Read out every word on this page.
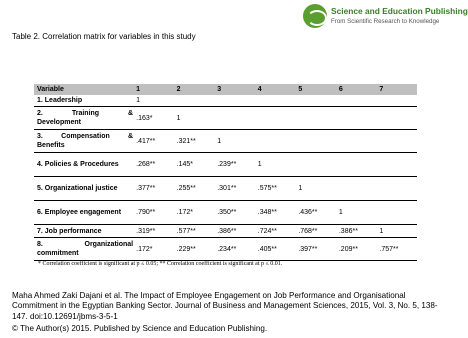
Science and Education Publishing
From Scientific Research to Knowledge
Table 2. Correlation matrix for variables in this study
Variable	1	2	3	4	5	6	7
1. Leadership	1						

2. Training &
Development	.163*	1					

3. Compensation &
Benefits	.417**	.321**	1				
4. Policies & Procedures	.268**	.145*	.239**	1			
5. Organizational justice	.377**	.255**	.301**	.575**	1		
6. Employee engagement	.790**	.172*	.350**	.348**	.436**	1	
7. Job performance	.319**	.577**	.386**	.724**	.768**	.386**	1

8. Organizational
commitment	.172*	.229**	.234**	.405**	.397**	.209**	.757**
* Correlation coefficient is significant at p ≤ 0.05; ** Correlation coefficient is significant at p ≤ 0.01.
Maha Ahmed Zaki Dajani et al. The Impact of Employee Engagement on Job Performance and Organisational Commitment in the Egyptian Banking Sector. Journal of Business and Management Sciences, 2015, Vol. 3, No. 5, 138-147. doi:10.12691/jbms-3-5-1
© The Author(s) 2015. Published by Science and Education Publishing.
